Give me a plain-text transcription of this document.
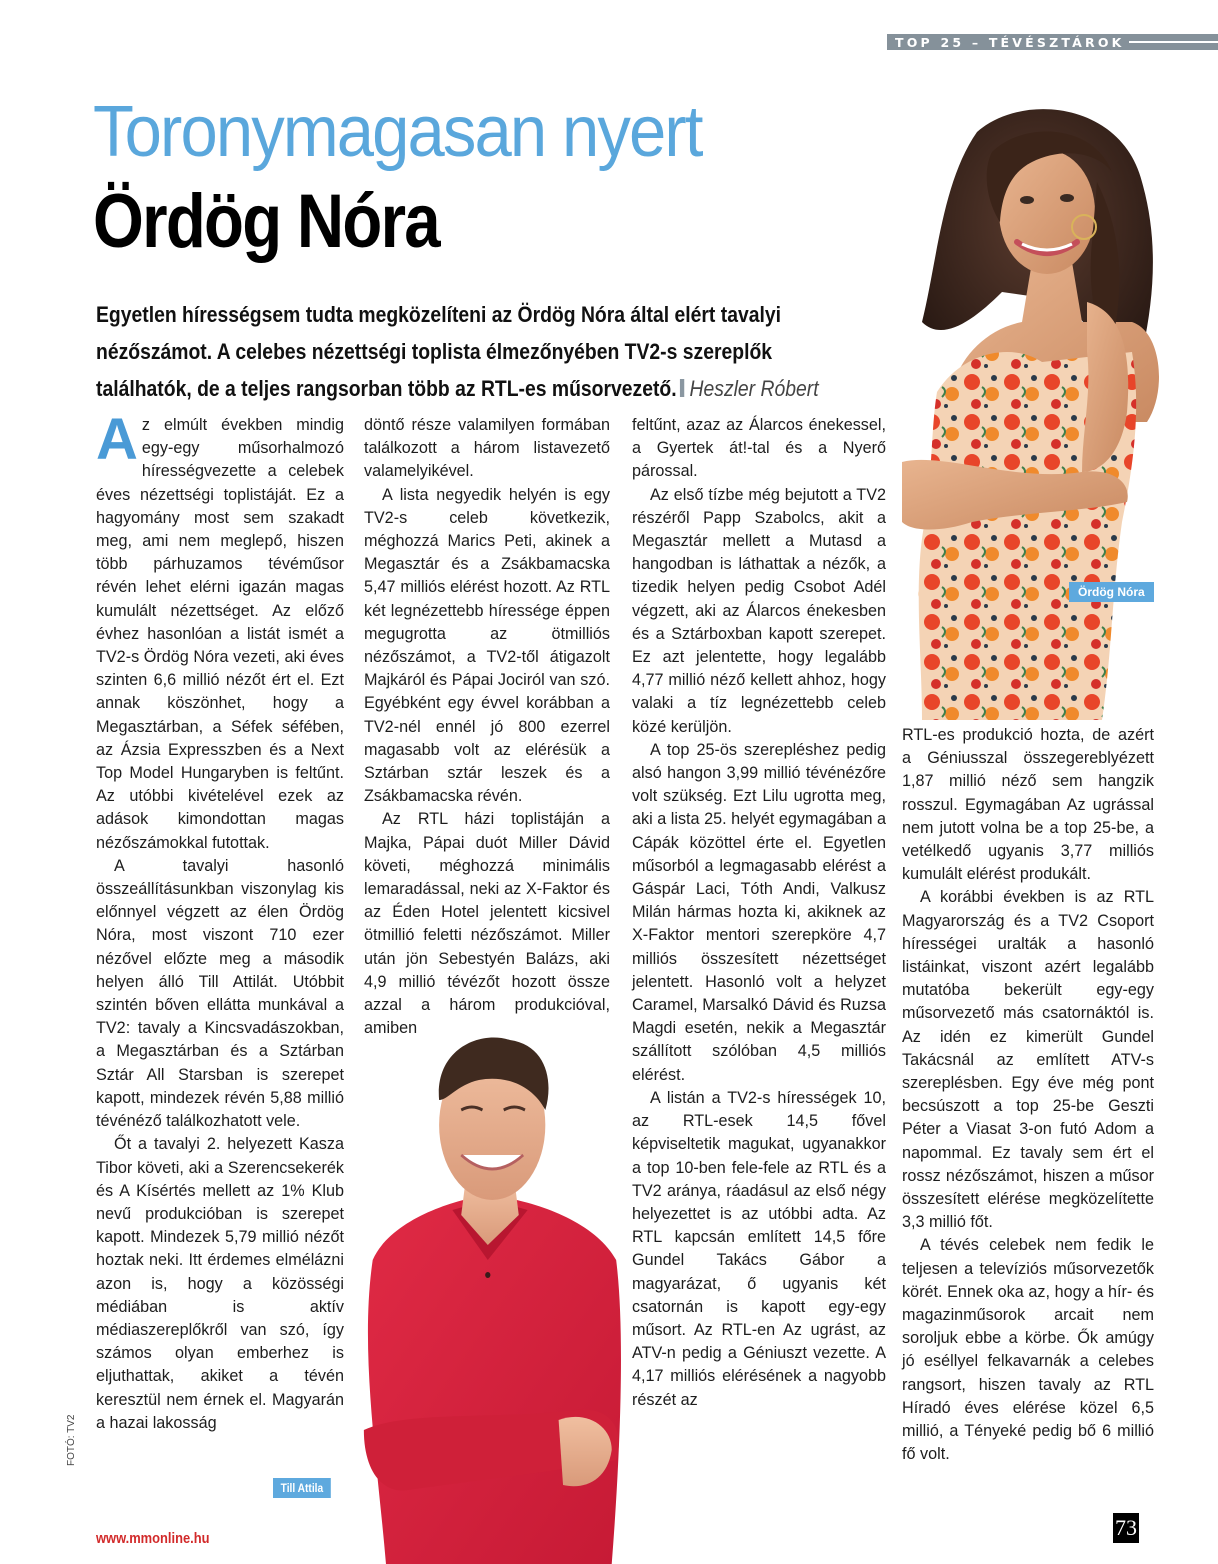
TOP 25 – TÉVÉSZTÁROK
Toronymagasan nyert
Ördög Nóra
Egyetlen hírességsem tudta megközelíteni az Ördög Nóra által elért tavalyi nézőszámot. A celebes nézettségi toplista élmezőnyében TV2-s szereplők találhatók, de a teljes rangsorban több az RTL-es műsorvezető. Heszler Róbert
Ördög Nóra
Till Attila
FOTÓ: TV2

Az elmúlt években mindig egy-egy műsorhalmozó hírességvezette a celebek éves nézettségi toplistáját. Ez a hagyomány most sem szakadt meg, ami nem meglepő, hiszen több párhuzamos tévéműsor révén lehet elérni igazán magas kumulált nézettséget. Az előző évhez hasonlóan a listát ismét a TV2-s Ördög Nóra vezeti, aki éves szinten 6,6 millió nézőt ért el. Ezt annak köszönhet, hogy a Megasztárban, a Séfek séfében, az Ázsia Expresszben és a Next Top Model Hungaryben is feltűnt. Az utóbbi kivételével ezek az adások kimondottan magas nézőszámokkal futottak.

A tavalyi hasonló összeállításunkban viszonylag kis előnnyel végzett az élen Ördög Nóra, most viszont 710 ezer nézővel előzte meg a második helyen álló Till Attilát. Utóbbit szintén bőven ellátta munkával a TV2: tavaly a Kincsvadászokban, a Megasztárban és a Sztárban Sztár All Starsban is szerepet kapott, mindezek révén 5,88 millió tévénéző találkozhatott vele.

Őt a tavalyi 2. helyezett Kasza Tibor követi, aki a Szerencsekerék és A Kísértés mellett az 1% Klub nevű produkcióban is szerepet kapott. Mindezek 5,79 millió nézőt hoztak neki. Itt érdemes elmélázni azon is, hogy a közösségi médiában is aktív médiaszereplőkről van szó, így számos olyan emberhez is eljuthattak, akiket a tévén keresztül nem érnek el. Magyarán a hazai lakosság

döntő része valamilyen formában találkozott a három listavezető valamelyikével.

A lista negyedik helyén is egy TV2-s celeb következik, méghozzá Marics Peti, akinek a Megasztár és a Zsákbamacska 5,47 milliós elérést hozott. Az RTL két legnézettebb híressége éppen megugrotta az ötmilliós nézőszámot, a TV2-től átigazolt Majkáról és Pápai Jociról van szó. Egyébként egy évvel korábban a TV2-nél ennél jó 800 ezerrel magasabb volt az elérésük a Sztárban sztár leszek és a Zsákbamacska révén.

Az RTL házi toplistáján a Majka, Pápai duót Miller Dávid követi, méghozzá minimális lemaradással, neki az X-Faktor és az Éden Hotel jelentett kicsivel ötmillió feletti nézőszámot. Miller után jön Sebestyén Balázs, aki 4,9 millió tévézőt hozott össze azzal a három produkcióval, amiben

feltűnt, azaz az Álarcos énekessel, a Gyertek át!-tal és a Nyerő párossal.

Az első tízbe még bejutott a TV2 részéről Papp Szabolcs, akit a Megasztár mellett a Mutasd a hangodban is láthattak a nézők, a tizedik helyen pedig Csobot Adél végzett, aki az Álarcos énekesben és a Sztárboxban kapott szerepet. Ez azt jelentette, hogy legalább 4,77 millió néző kellett ahhoz, hogy valaki a tíz legnézettebb celeb közé kerüljön.

A top 25-ös szerepléshez pedig alsó hangon 3,99 millió tévénézőre volt szükség. Ezt Lilu ugrotta meg, aki a lista 25. helyét egymagában a Cápák közöttel érte el. Egyetlen műsorból a legmagasabb elérést a Gáspár Laci, Tóth Andi, Valkusz Milán hármas hozta ki, akiknek az X-Faktor mentori szerepköre 4,7 milliós összesített nézettséget jelentett. Hasonló volt a helyzet Caramel, Marsalkó Dávid és Ruzsa Magdi esetén, nekik a Megasztár szállított szólóban 4,5 milliós elérést.

A listán a TV2-s hírességek 10, az RTL-esek 14,5 fővel képviseltetik magukat, ugyanakkor a top 10-ben fele-fele az RTL és a TV2 aránya, ráadásul az első négy helyezettet is az utóbbi adta. Az RTL kapcsán említett 14,5 főre Gundel Takács Gábor a magyarázat, ő ugyanis két csatornán is kapott egy-egy műsort. Az RTL-en Az ugrást, az ATV-n pedig a Géniuszt vezette. A 4,17 milliós elérésének a nagyobb részét az

RTL-es produkció hozta, de azért a Géniusszal összegereblyézett 1,87 millió néző sem hangzik rosszul. Egymagában Az ugrással nem jutott volna be a top 25-be, a vetélkedő ugyanis 3,77 milliós kumulált elérést produkált.

A korábbi években is az RTL Magyarország és a TV2 Csoport hírességei uralták a hasonló listáinkat, viszont azért legalább mutatóba bekerült egy-egy műsorvezető más csatornáktól is. Az idén ez kimerült Gundel Takácsnál az említett ATV-s szereplésben. Egy éve még pont becsúszott a top 25-be Geszti Péter a Viasat 3-on futó Adom a napommal. Ez tavaly sem ért el rossz nézőszámot, hiszen a műsor összesített elérése megközelítette 3,3 millió főt.

A tévés celebek nem fedik le teljesen a televíziós műsorvezetők körét. Ennek oka az, hogy a hír- és magazinműsorok arcait nem soroljuk ebbe a körbe. Ők amúgy jó eséllyel felkavarnák a celebes rangsort, hiszen tavaly az RTL Híradó éves elérése közel 6,5 millió, a Tényeké pedig bő 6 millió fő volt.

www.mmonline.hu	73
